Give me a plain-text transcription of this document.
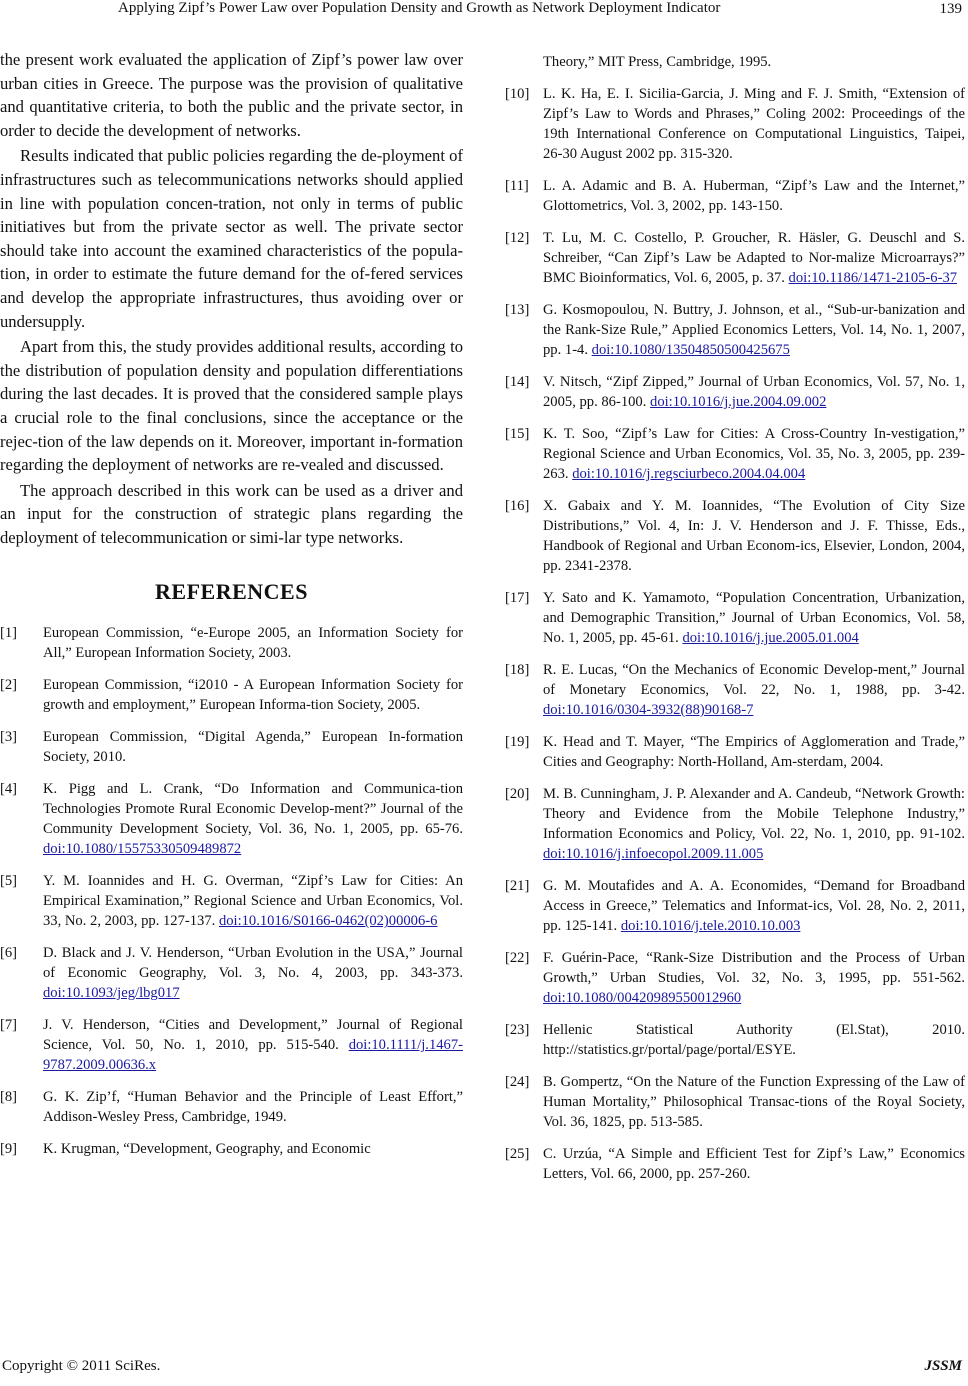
Applying Zipf’s Power Law over Population Density and Growth as Network Deployment Indicator	139

the present work evaluated the application of Zipf’s power law over urban cities in Greece. The purpose was the provision of qualitative and quantitative criteria, to both the public and the private sector, in order to decide the development of networks.

Results indicated that public policies regarding the de-ployment of infrastructures such as telecommunications networks should applied in line with population concen-tration, not only in terms of public initiatives but from the private sector as well. The private sector should take into account the examined characteristics of the popula-tion, in order to estimate the future demand for the of-fered services and develop the appropriate infrastructures, thus avoiding over or undersupply.

Apart from this, the study provides additional results, according to the distribution of population density and population differentiations during the last decades. It is proved that the considered sample plays a crucial role to the final conclusions, since the acceptance or the rejec-tion of the law depends on it. Moreover, important in-formation regarding the deployment of networks are re-vealed and discussed.

The approach described in this work can be used as a driver and an input for the construction of strategic plans regarding the deployment of telecommunication or simi-lar type networks.

REFERENCES
[1] European Commission, “e-Europe 2005, an Information Society for All,” European Information Society, 2003.
[2] European Commission, “i2010 - A European Information Society for growth and employment,” European Informa-tion Society, 2005.
[3] European Commission, “Digital Agenda,” European In-formation Society, 2010.
[4] K. Pigg and L. Crank, “Do Information and Communica-tion Technologies Promote Rural Economic Develop-ment?” Journal of the Community Development Society, Vol. 36, No. 1, 2005, pp. 65-76. doi:10.1080/15575330509489872
[5] Y. M. Ioannides and H. G. Overman, “Zipf’s Law for Cities: An Empirical Examination,” Regional Science and Urban Economics, Vol. 33, No. 2, 2003, pp. 127-137. doi:10.1016/S0166-0462(02)00006-6
[6] D. Black and J. V. Henderson, “Urban Evolution in the USA,” Journal of Economic Geography, Vol. 3, No. 4, 2003, pp. 343-373. doi:10.1093/jeg/lbg017
[7] J. V. Henderson, “Cities and Development,” Journal of Regional Science, Vol. 50, No. 1, 2010, pp. 515-540. doi:10.1111/j.1467-9787.2009.00636.x
[8] G. K. Zip’f, “Human Behavior and the Principle of Least Effort,” Addison-Wesley Press, Cambridge, 1949.
[9] K. Krugman, “Development, Geography, and Economic
Theory,” MIT Press, Cambridge, 1995.
[10] L. K. Ha, E. I. Sicilia-Garcia, J. Ming and F. J. Smith, “Extension of Zipf’s Law to Words and Phrases,” Coling 2002: Proceedings of the 19th International Conference on Computational Linguistics, Taipei, 26-30 August 2002 pp. 315-320.
[11] L. A. Adamic and B. A. Huberman, “Zipf’s Law and the Internet,” Glottometrics, Vol. 3, 2002, pp. 143-150.
[12] T. Lu, M. C. Costello, P. Groucher, R. Häsler, G. Deuschl and S. Schreiber, “Can Zipf’s Law be Adapted to Nor-malize Microarrays?” BMC Bioinformatics, Vol. 6, 2005, p. 37. doi:10.1186/1471-2105-6-37
[13] G. Kosmopoulou, N. Buttry, J. Johnson, et al., “Sub-ur-banization and the Rank-Size Rule,” Applied Economics Letters, Vol. 14, No. 1, 2007, pp. 1-4. doi:10.1080/13504850500425675
[14] V. Nitsch, “Zipf Zipped,” Journal of Urban Economics, Vol. 57, No. 1, 2005, pp. 86-100. doi:10.1016/j.jue.2004.09.002
[15] K. T. Soo, “Zipf’s Law for Cities: A Cross-Country In-vestigation,” Regional Science and Urban Economics, Vol. 35, No. 3, 2005, pp. 239-263. doi:10.1016/j.regsciurbeco.2004.04.004
[16] X. Gabaix and Y. M. Ioannides, “The Evolution of City Size Distributions,” Vol. 4, In: J. V. Henderson and J. F. Thisse, Eds., Handbook of Regional and Urban Econom-ics, Elsevier, London, 2004, pp. 2341-2378.
[17] Y. Sato and K. Yamamoto, “Population Concentration, Urbanization, and Demographic Transition,” Journal of Urban Economics, Vol. 58, No. 1, 2005, pp. 45-61. doi:10.1016/j.jue.2005.01.004
[18] R. E. Lucas, “On the Mechanics of Economic Develop-ment,” Journal of Monetary Economics, Vol. 22, No. 1, 1988, pp. 3-42. doi:10.1016/0304-3932(88)90168-7
[19] K. Head and T. Mayer, “The Empirics of Agglomeration and Trade,” Cities and Geography: North-Holland, Am-sterdam, 2004.
[20] M. B. Cunningham, J. P. Alexander and A. Candeub, “Network Growth: Theory and Evidence from the Mobile Telephone Industry,” Information Economics and Policy, Vol. 22, No. 1, 2010, pp. 91-102. doi:10.1016/j.infoecopol.2009.11.005
[21] G. M. Moutafides and A. A. Economides, “Demand for Broadband Access in Greece,” Telematics and Informat-ics, Vol. 28, No. 2, 2011, pp. 125-141. doi:10.1016/j.tele.2010.10.003
[22] F. Guérin-Pace, “Rank-Size Distribution and the Process of Urban Growth,” Urban Studies, Vol. 32, No. 3, 1995, pp. 551-562. doi:10.1080/00420989550012960
[23] Hellenic Statistical Authority (El.Stat), 2010. http://statistics.gr/portal/page/portal/ESYE.
[24] B. Gompertz, “On the Nature of the Function Expressing of the Law of Human Mortality,” Philosophical Transac-tions of the Royal Society, Vol. 36, 1825, pp. 513-585.
[25] C. Urzúa, “A Simple and Efficient Test for Zipf’s Law,” Economics Letters, Vol. 66, 2000, pp. 257-260.
Copyright © 2011 SciRes.	JSSM
